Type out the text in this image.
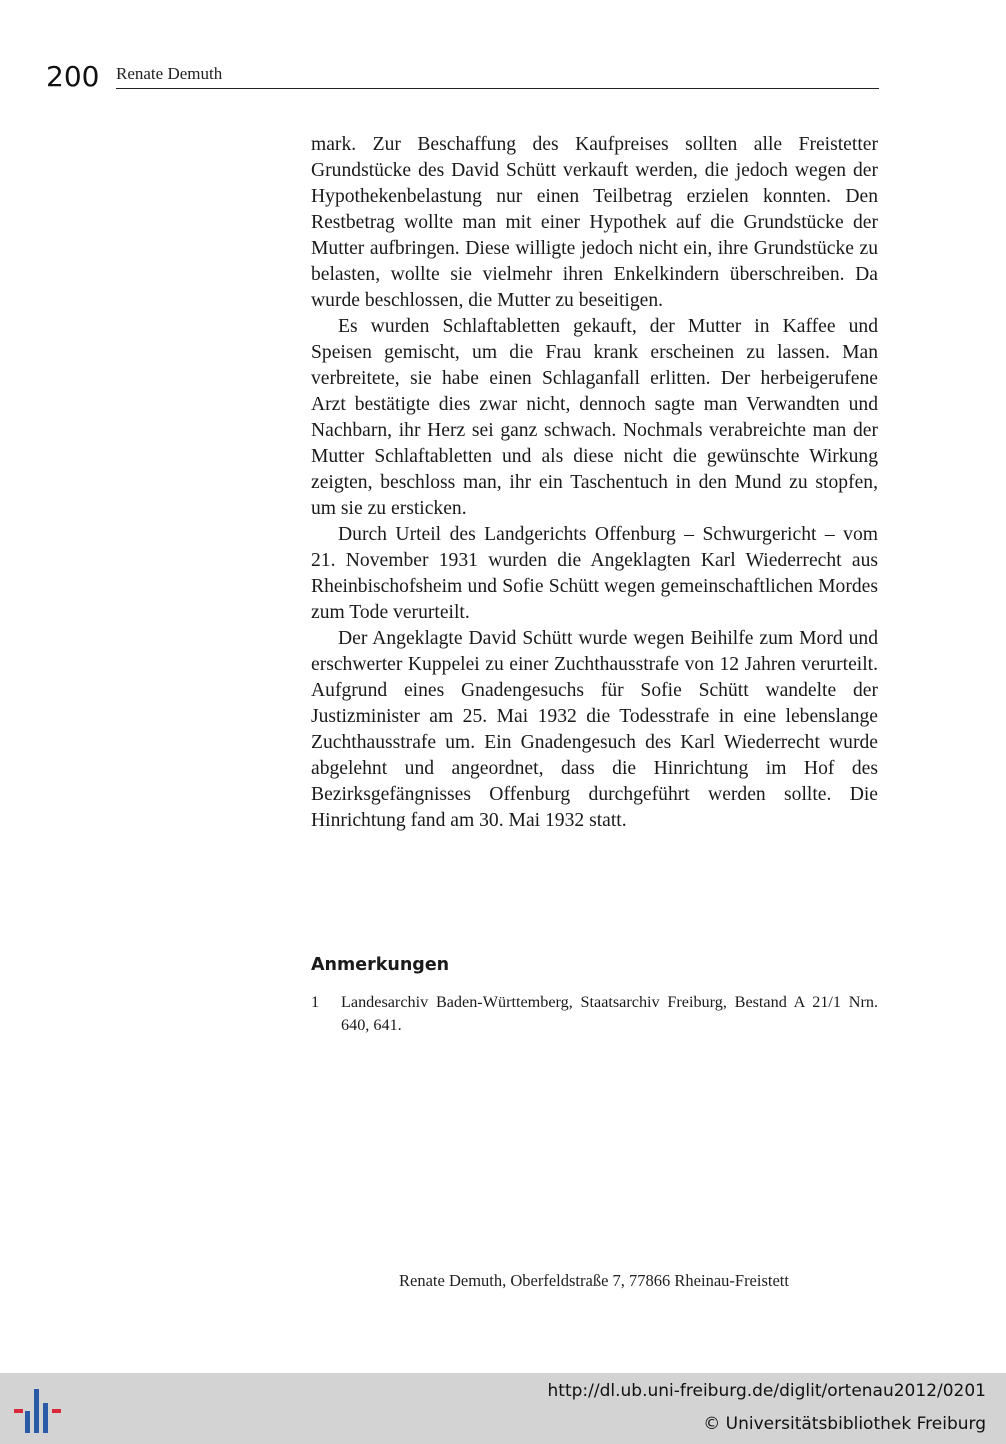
200 Renate Demuth

mark. Zur Beschaffung des Kaufpreises sollten alle Freistetter Grundstücke des David Schütt verkauft werden, die jedoch wegen der Hypothekenbelastung nur einen Teilbetrag erzielen konnten. Den Restbetrag wollte man mit einer Hypothek auf die Grundstücke der Mutter aufbringen. Diese willigte jedoch nicht ein, ihre Grundstücke zu belasten, wollte sie vielmehr ihren Enkelkindern überschreiben. Da wurde beschlossen, die Mutter zu beseitigen.

Es wurden Schlaftabletten gekauft, der Mutter in Kaffee und Speisen gemischt, um die Frau krank erscheinen zu lassen. Man verbreitete, sie habe einen Schlaganfall erlitten. Der herbeigerufene Arzt bestätigte dies zwar nicht, dennoch sagte man Verwandten und Nachbarn, ihr Herz sei ganz schwach. Nochmals verabreichte man der Mutter Schlaftabletten und als diese nicht die gewünschte Wirkung zeigten, beschloss man, ihr ein Taschentuch in den Mund zu stopfen, um sie zu ersticken.

Durch Urteil des Landgerichts Offenburg – Schwurgericht – vom 21. November 1931 wurden die Angeklagten Karl Wiederrecht aus Rheinbischofsheim und Sofie Schütt wegen gemeinschaftlichen Mordes zum Tode verurteilt.

Der Angeklagte David Schütt wurde wegen Beihilfe zum Mord und erschwerter Kuppelei zu einer Zuchthausstrafe von 12 Jahren verurteilt. Aufgrund eines Gnadengesuchs für Sofie Schütt wandelte der Justizminister am 25. Mai 1932 die Todesstrafe in eine lebenslange Zuchthausstrafe um. Ein Gnadengesuch des Karl Wiederrecht wurde abgelehnt und angeordnet, dass die Hinrichtung im Hof des Bezirksgefängnisses Offenburg durchgeführt werden sollte. Die Hinrichtung fand am 30. Mai 1932 statt.

Anmerkungen
1 Landesarchiv Baden-Württemberg, Staatsarchiv Freiburg, Bestand A 21/1 Nrn. 640, 641.
Renate Demuth, Oberfeldstraße 7, 77866 Rheinau-Freistett
http://dl.ub.uni-freiburg.de/diglit/ortenau2012/0201
© Universitätsbibliothek Freiburg
